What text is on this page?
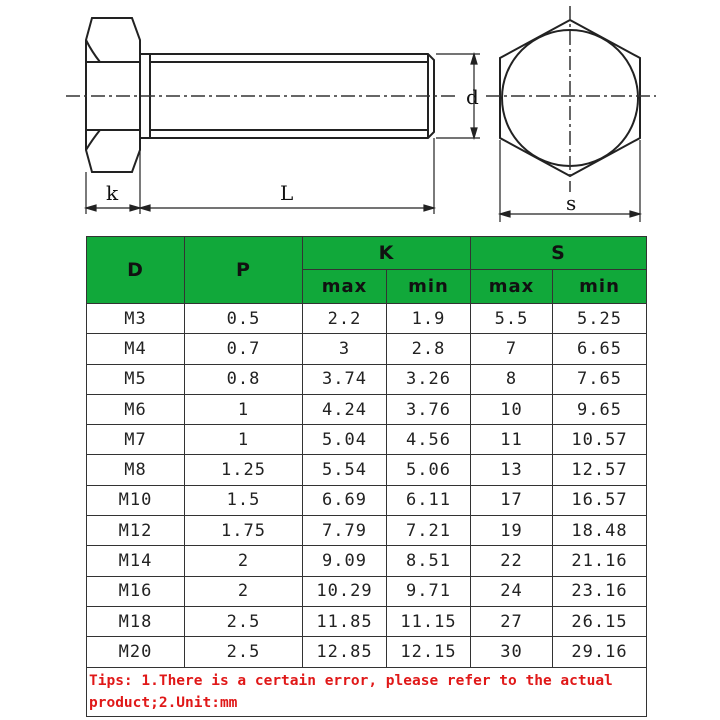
k	L
d
s
D	P	K		S	
		max	min	max	min
M3	0.5	2.2	1.9	5.5	5.25
M4	0.7	3	2.8	7	6.65
M5	0.8	3.74	3.26	8	7.65
M6	1	4.24	3.76	10	9.65
M7	1	5.04	4.56	11	10.57
M8	1.25	5.54	5.06	13	12.57
M10	1.5	6.69	6.11	17	16.57
M12	1.75	7.79	7.21	19	18.48
M14	2	9.09	8.51	22	21.16
M16	2	10.29	9.71	24	23.16
M18	2.5	11.85	11.15	27	26.15
M20	2.5	12.85	12.15	30	29.16
Tips: 1.There is a certain error, please refer to the actual product;2.Unit:mm					
